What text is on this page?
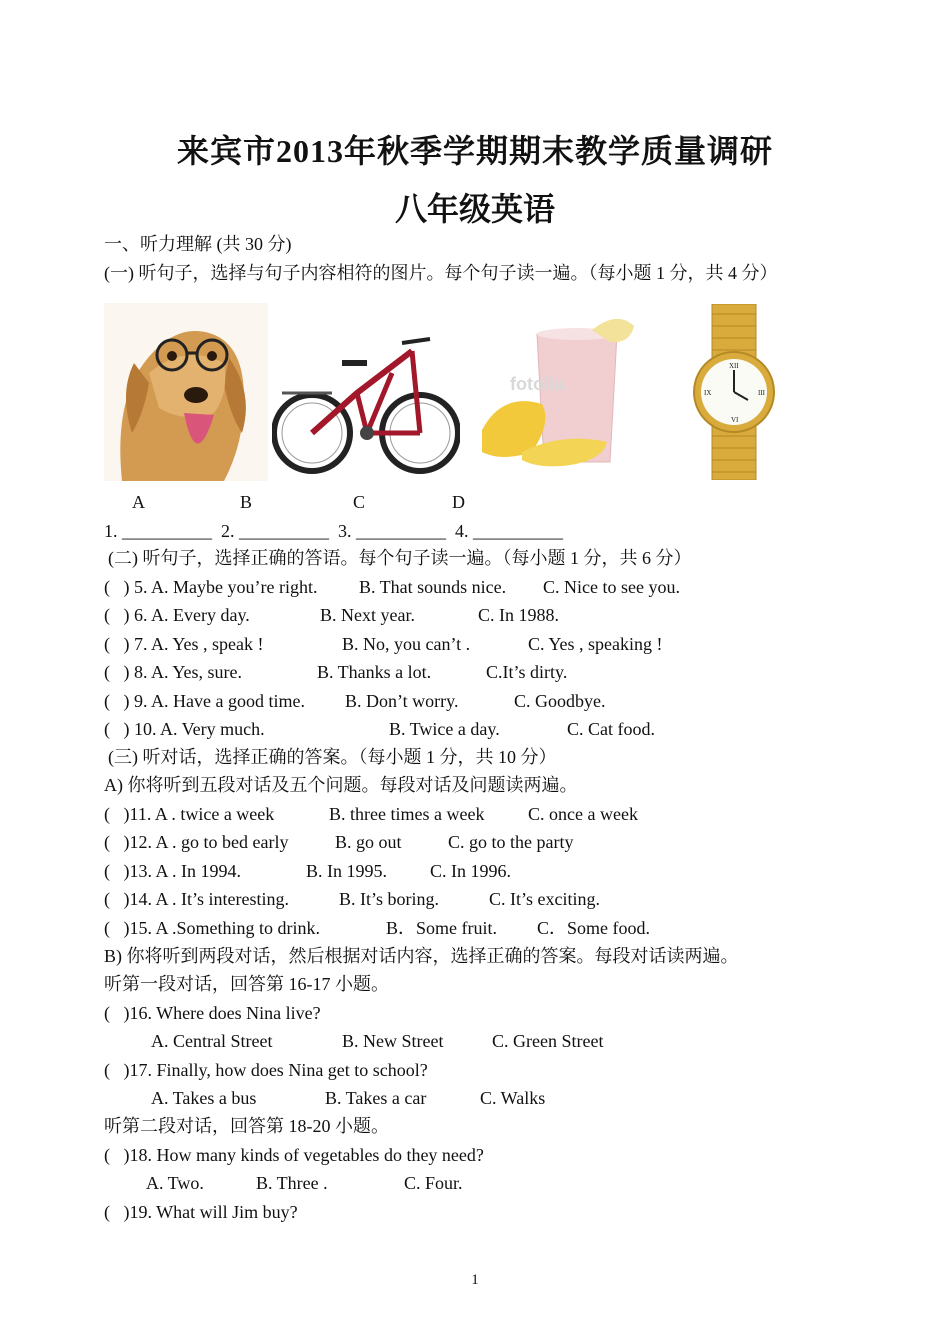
来宾市2013年秋季学期期末教学质量调研
八年级英语
一、听力理解 (共 30 分)
(一) 听句子，选择与句子内容相符的图片。每个句子读一遍。（每小题 1 分，共 4 分）
fotolia
XII
IX	III
VI
A	B	C	D
1. __________  2. __________  3. __________  4. __________
(二) 听句子，选择正确的答语。每个句子读一遍。（每小题 1 分，共 6 分）
(   ) 5. A. Maybe you’re right. B. That sounds nice. C. Nice to see you.
(   ) 6. A. Every day.	B. Next year.	C. In 1988.
(   ) 7. A. Yes , speak !	B. No, you can’t .	C. Yes , speaking !
(   ) 8. A. Yes, sure.	B. Thanks a lot.	C.It’s dirty.
(   ) 9. A. Have a good time. B. Don’t worry.	C. Goodbye.
(   ) 10. A. Very much.	B. Twice a day.	C. Cat food.
(三) 听对话，选择正确的答案。（每小题 1 分，共 10 分）
A) 你将听到五段对话及五个问题。每段对话及问题读两遍。
(   )11. A . twice a week	B. three times a week C. once a week
(   )12. A . go to bed early	B. go out	C. go to the party
(   )13. A . In 1994.	B. In 1995. C. In 1996.
(   )14. A . It’s interesting.	B. It’s boring.	C. It’s exciting.
(   )15. A .Something to drink.	B．Some fruit. C．Some food.
B) 你将听到两段对话，然后根据对话内容，选择正确的答案。每段对话读两遍。
听第一段对话，回答第 16-17 小题。
(   )16. Where does Nina live?
A. Central Street	B. New Street	C. Green Street
(   )17. Finally, how does Nina get to school?
A. Takes a bus	B. Takes a car	C. Walks
听第二段对话，回答第 18-20 小题。
(   )18. How many kinds of vegetables do they need?
A. Two.	B. Three .	C. Four.
(   )19. What will Jim buy?
1
